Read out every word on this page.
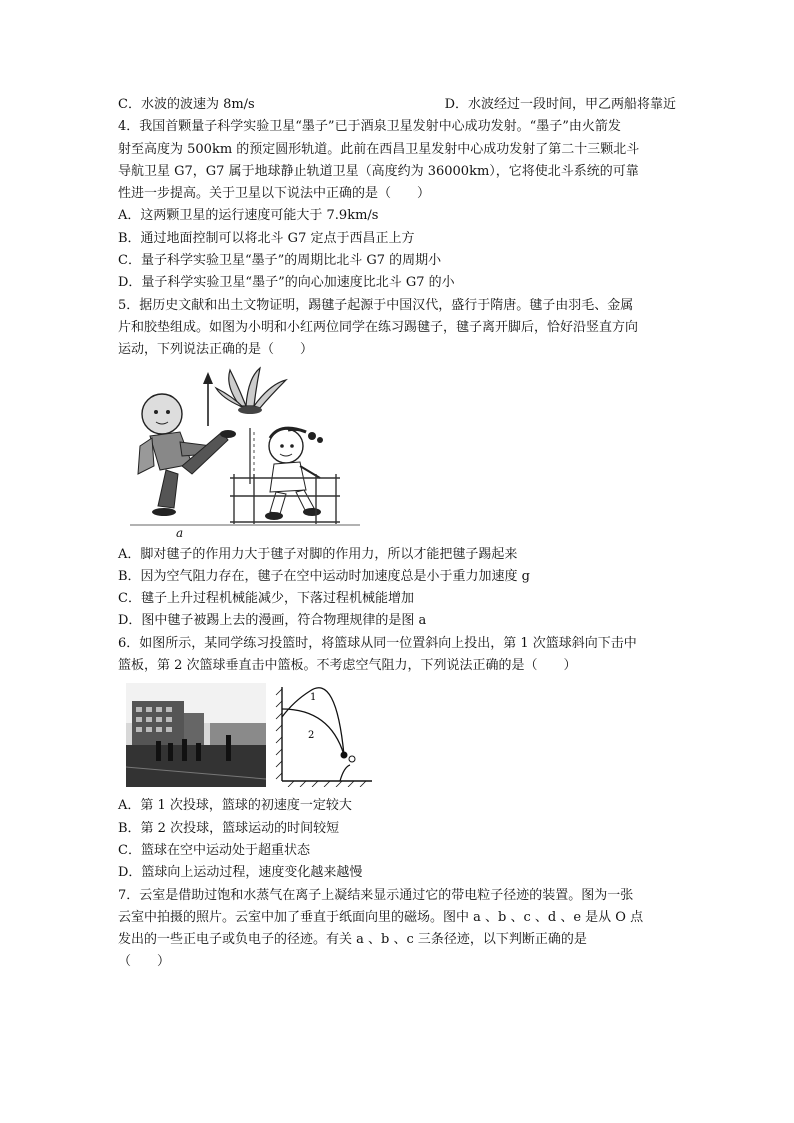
C．水波的波速为 8m/s	D．水波经过一段时间，甲乙两船将靠近
4．我国首颗量子科学实验卫星“墨子”已于酒泉卫星发射中心成功发射。“墨子”由火箭发
射至高度为 500km 的预定圆形轨道。此前在西昌卫星发射中心成功发射了第二十三颗北斗
导航卫星 G7，G7 属于地球静止轨道卫星（高度约为 36000km），它将使北斗系统的可靠
性进一步提高。关于卫星以下说法中正确的是（　　）
A．这两颗卫星的运行速度可能大于 7.9km/s
B．通过地面控制可以将北斗 G7 定点于西昌正上方
C．量子科学实验卫星“墨子”的周期比北斗 G7 的周期小
D．量子科学实验卫星“墨子”的向心加速度比北斗 G7 的小
5．据历史文献和出土文物证明，踢毽子起源于中国汉代，盛行于隋唐。毽子由羽毛、金属
片和胶垫组成。如图为小明和小红两位同学在练习踢毽子，毽子离开脚后，恰好沿竖直方向
运动，下列说法正确的是（　　）
a
A．脚对毽子的作用力大于毽子对脚的作用力，所以才能把毽子踢起来
B．因为空气阻力存在，毽子在空中运动时加速度总是小于重力加速度 g
C．毽子上升过程机械能减少，下落过程机械能增加
D．图中毽子被踢上去的漫画，符合物理规律的是图 a
6．如图所示，某同学练习投篮时，将篮球从同一位置斜向上投出，第 1 次篮球斜向下击中
篮板，第 2 次篮球垂直击中篮板。不考虑空气阻力，下列说法正确的是（　　）
1
2
A．第 1 次投球，篮球的初速度一定较大
B．第 2 次投球，篮球运动的时间较短
C．篮球在空中运动处于超重状态
D．篮球向上运动过程，速度变化越来越慢
7．云室是借助过饱和水蒸气在离子上凝结来显示通过它的带电粒子径迹的装置。图为一张
云室中拍摄的照片。云室中加了垂直于纸面向里的磁场。图中 a 、b 、c 、d 、e 是从 O 点
发出的一些正电子或负电子的径迹。有关 a 、b 、c 三条径迹，以下判断正确的是
（　　）
